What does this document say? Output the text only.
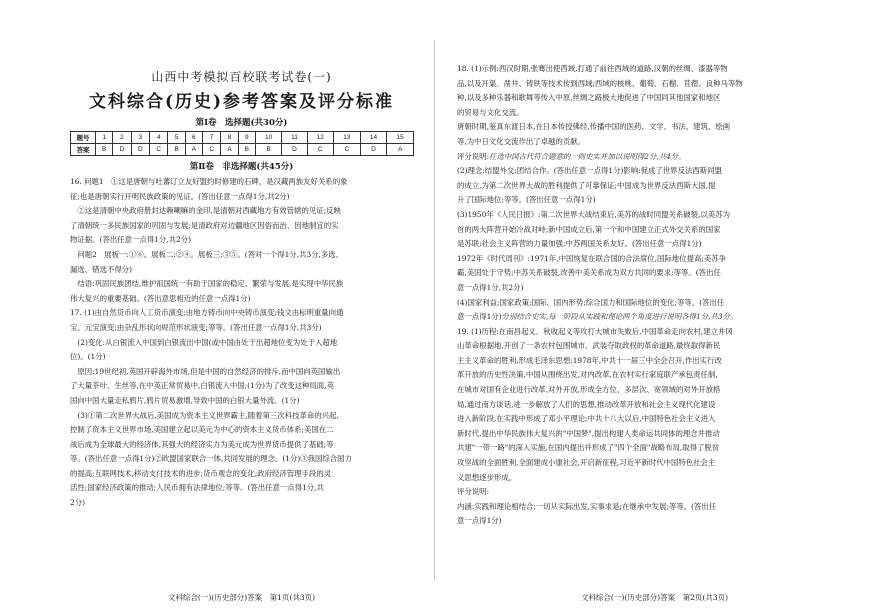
山西中考模拟百校联考试卷(一)
文科综合(历史)参考答案及评分标准
第Ⅰ卷　选择题(共30分)
题号	1	2	3	4	5	6	7	8	9	10	11	12	13	14	15
答案	B	D	D	C	B	A	C	A	B	B	D	C	C	D	A
第Ⅱ卷　非选择题(共45分)

16. 问题1　①这是唐朝与吐蕃订立友好盟约时修建的石碑，是汉藏两族友好关系的象

征;也是唐朝实行开明民族政策的见证。(答出任意一点得1分,共2分)

　②这是清朝中央政府册封达赖喇嘛的金印,是清朝对西藏地方有效管辖的见证;反映

了清朝统一多民族国家的巩固与发展;是清政府对边疆地区因俗而治、因地制宜的实

物证据。(答出任意一点得1分,共2分)

　问题2　展板一:①⑥。展板二:②④。展板三:③⑤。(答对一个得1分,共3分,多选、

漏选、错选不得分)

　结语:巩固民族团结,维护祖国统一有助于国家的稳定、繁荣与发展,是实现中华民族

伟大复兴的重要基础。(答出意思相近的任意一点得1分)

17. (1)由自然货币向人工货币演变;由地方铸币向中央铸币演变;钱文由标明重量向通

宝、元宝演变;由杂乱形状向规范形状演变;等等。(答出任意一点得1分,共3分)

　(2)变化:从白银流入中国到白银流出中国(或中国由处于出超地位变为处于入超地

位)。(1分)

　原因:19世纪初,英国开辟海外市场,但是中国的自然经济的排斥,而中国向英国输出

了大量茶叶、生丝等,在中英正常贸易中,白银流入中国;(1分)为了改变这种局面,英

国向中国大量走私鸦片,鸦片贸易激增,导致中国的白银大量外流。(1分)

　(3)①第二次世界大战后,美国成为资本主义世界霸主,随着第三次科技革命的兴起,

控制了资本主义世界市场,美国建立起以美元为中心的资本主义货币体系;美国在二

战后成为全球最大的经济体,其强大的经济实力为美元成为世界货币提供了基础;等

等。(答出任意一点得1分)②欧盟国家联合一体,共同发展的理念。(1分)③我国综合国力

的提高;互联网技术,移动支付技术的进步;货币观念的变化;政府经济管理手段的灵

活性;国家经济政策的推动;人民币拥有法律地位;等等。(答出任意一点得1分,共

2分)

18. (1)示例:西汉时期,张骞出使西域,打通了前往西域的道路,汉朝的丝绸、漆器等物

品,以及开渠、凿井、铸铁等技术传到西域;西域的核桃、葡萄、石榴、苜蓿、良种马等物

种,以及多种乐器和歌舞等传入中原,丝绸之路极大地促进了中国同其他国家和地区

的贸易与文化交流。

唐朝时期,鉴真东渡日本,在日本传授佛经,传播中国的医药、文学、书法、建筑、绘画

等,为中日文化交流作出了卓越的贡献。

评分说明:任选中国古代符合题意的一则史实并加以说明得2分,共4分。

(2)理念:结盟外交;团结合作。(答出任意一点得1分)影响:促成了世界反法西斯同盟

的成立,为第二次世界大战的胜利提供了可靠保证;中国成为世界反法西斯大国,提

升了国际地位;等等。(答出任意一点得1分)

(3)1950年《人民日报》:第二次世界大战结束后,美苏的战时同盟关系破裂,以美苏为

首的两大阵营开始冷战对峙;新中国成立后,第一个和中国建立正式外交关系的国家

是苏联;社会主义阵营的力量加强;中苏两国关系友好。(答出任意一点得1分)

1972年《时代周刊》:1971年,中国恢复在联合国的合法席位,国际地位提高;美苏争

霸,美国处于守势;中苏关系破裂,改善中美关系成为双方共同的要求;等等。(答出任

意一点得1分,共2分)

(4)国家利益;国家政策;国际、国内形势;综合国力和国际地位的变化;等等。(答出任

意一点得1分)分别结合史实,每一阶段从实践和理论两个角度进行说明各得1分,共3分。

19. (1)历程:在南昌起义、秋收起义等攻打大城市失败后,中国革命走向农村,建立井冈

山革命根据地,开创了一条农村包围城市、武装夺取政权的革命道路,最终取得新民

主主义革命的胜利,形成毛泽东思想;1978年,中共十一届三中全会召开,作出实行改

革开放的历史性决策,中国从围绕出发,对内改革,在农村实行家庭联产承包责任制,

在城市对国有企业进行改革,对外开放,形成全方位、多层次、宽领域的对外开放格

局,通过南方谈话,进一步解放了人们的思想,推动改革开放和社会主义现代化建设

进入新阶段,在实践中形成了邓小平理论;中共十八大以后,中国特色社会主义进入

新时代,提出中华民族伟大复兴的"中国梦",提出构建人类命运共同体的理念并推动

共建"一带一路"的深入实施,在国内提出并形成了"四个全面"战略布局,取得了脱贫

攻坚战的全面胜利,全面建成小康社会,开启新征程,习近平新时代中国特色社会主

义思想逐步形成。

评分说明:

内涵:实践和理论相结合;一切从实际出发,实事求是;在继承中发展;等等。(答出任

意一点得1分)

文科综合(一)(历史部分)答案　第1页(共3页)	文科综合(一)(历史部分)答案　第2页(共3页)
